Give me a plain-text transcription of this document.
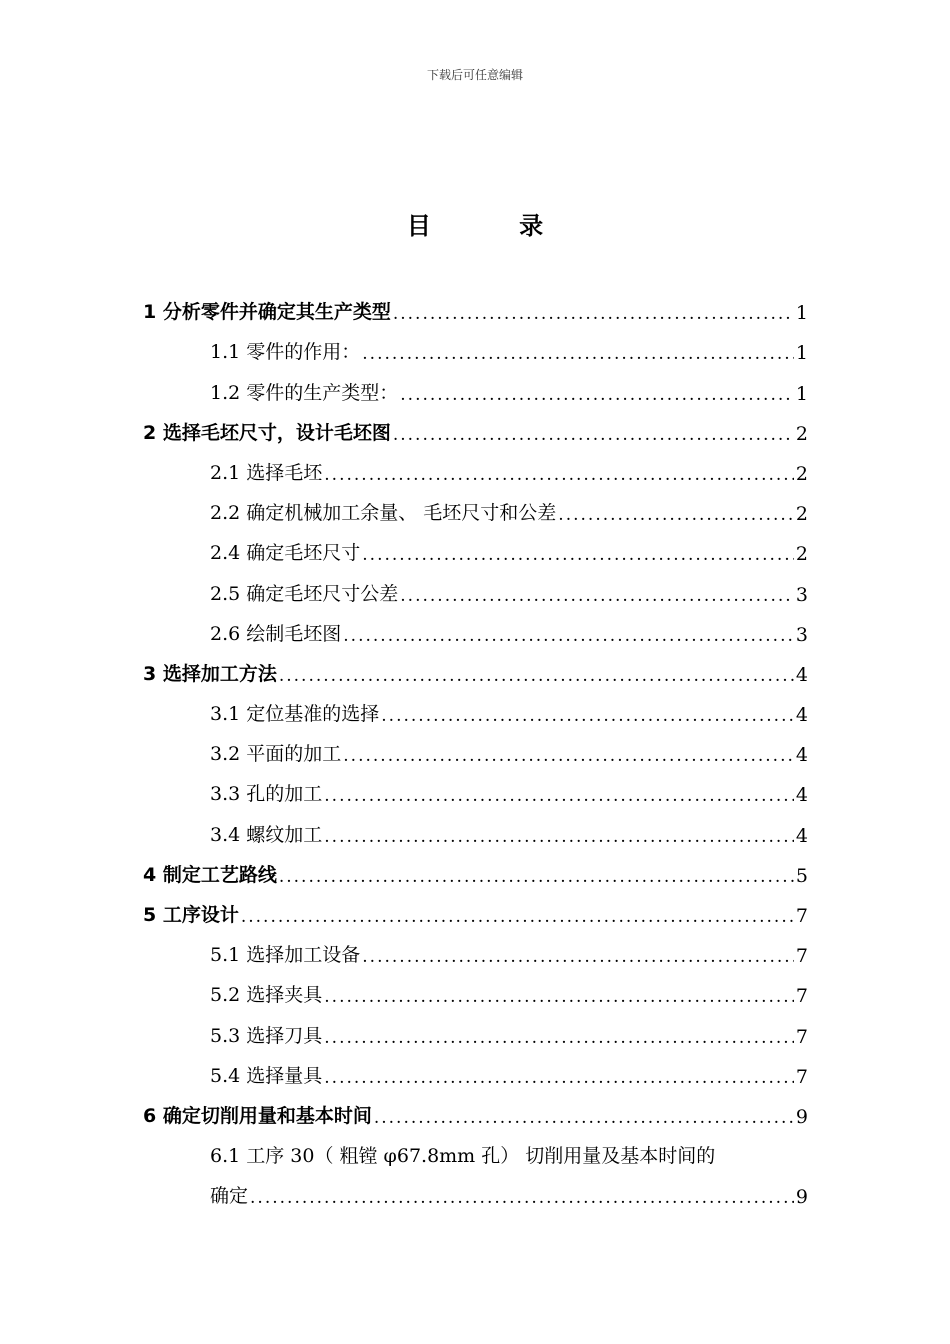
下载后可任意编辑
目 录
1 分析零件并确定其生产类型 .....	1
1.1 零件的作用： .....	1
1.2 零件的生产类型： .....	1
2 选择毛坯尺寸，设计毛坯图 .....	2
2.1 选择毛坯 .....	2
2.2 确定机械加工余量、 毛坯尺寸和公差 .....	2
2.4 确定毛坯尺寸 .....	2
2.5 确定毛坯尺寸公差 .....	3
2.6 绘制毛坯图 .....	3
3 选择加工方法 .....	4
3.1 定位基准的选择 .....	4
3.2 平面的加工 .....	4
3.3 孔的加工 .....	4
3.4 螺纹加工 .....	4
4 制定工艺路线 .....	5
5 工序设计 .....	7
5.1 选择加工设备 .....	7
5.2 选择夹具 .....	7
5.3 选择刀具 .....	7
5.4 选择量具 .....	7
6 确定切削用量和基本时间 .....	9
6.1 工序 30（ 粗镗 φ67.8mm 孔） 切削用量及基本时间的
确定 .....	9
